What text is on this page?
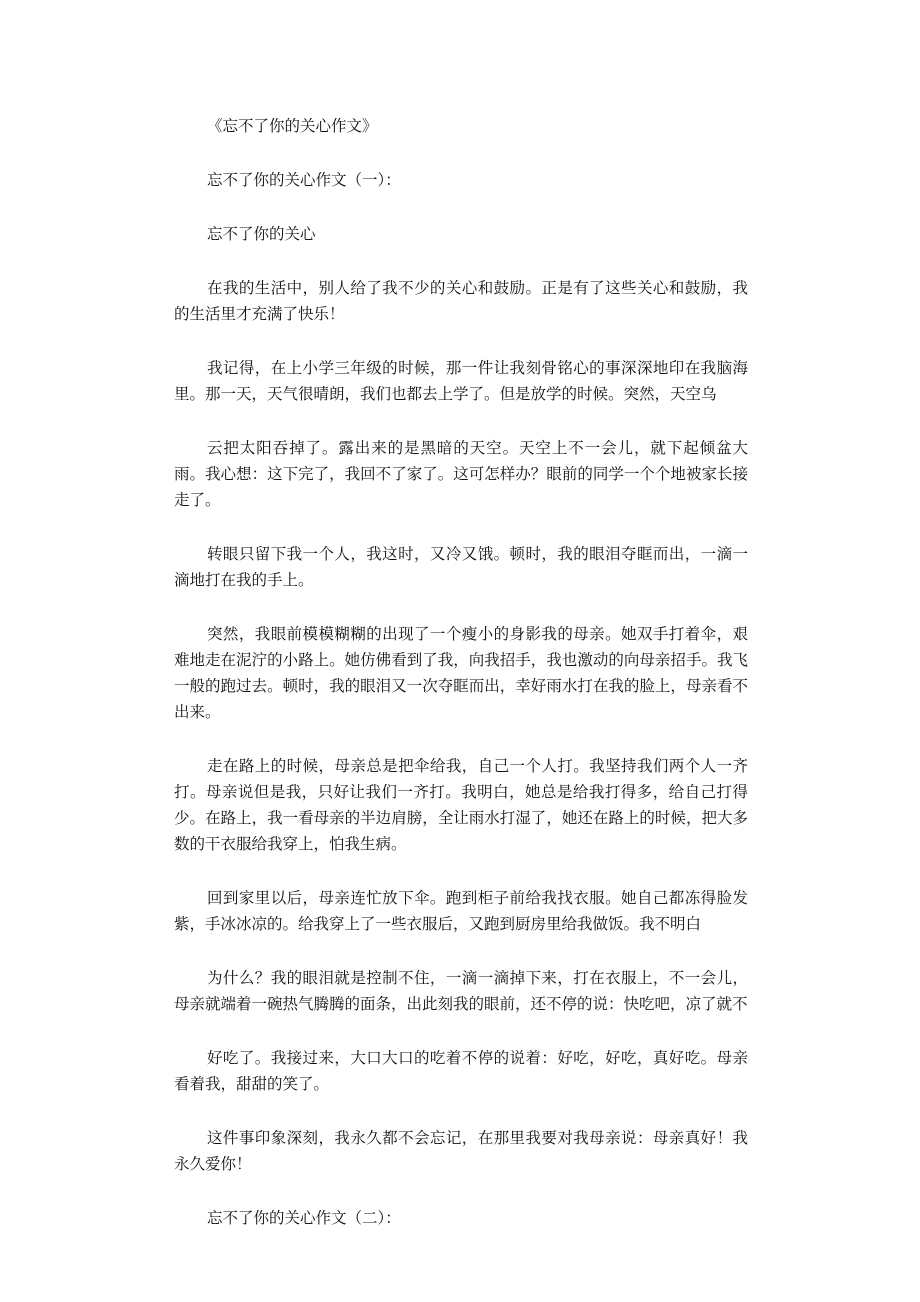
《忘不了你的关心作文》

忘不了你的关心作文（一）：

忘不了你的关心

在我的生活中，别人给了我不少的关心和鼓励。正是有了这些关心和鼓励，我的生活里才充满了快乐！

我记得，在上小学三年级的时候，那一件让我刻骨铭心的事深深地印在我脑海里。那一天，天气很晴朗，我们也都去上学了。但是放学的时候。突然，天空乌

云把太阳吞掉了。露出来的是黑暗的天空。天空上不一会儿，就下起倾盆大雨。我心想：这下完了，我回不了家了。这可怎样办？眼前的同学一个个地被家长接走了。

转眼只留下我一个人，我这时，又冷又饿。顿时，我的眼泪夺眶而出，一滴一滴地打在我的手上。

突然，我眼前模模糊糊的出现了一个瘦小的身影我的母亲。她双手打着伞，艰难地走在泥泞的小路上。她仿佛看到了我，向我招手，我也激动的向母亲招手。我飞一般的跑过去。顿时，我的眼泪又一次夺眶而出，幸好雨水打在我的脸上，母亲看不出来。

走在路上的时候，母亲总是把伞给我，自己一个人打。我坚持我们两个人一齐打。母亲说但是我，只好让我们一齐打。我明白，她总是给我打得多，给自己打得少。在路上，我一看母亲的半边肩膀，全让雨水打湿了，她还在路上的时候，把大多数的干衣服给我穿上，怕我生病。

回到家里以后，母亲连忙放下伞。跑到柜子前给我找衣服。她自己都冻得脸发紫，手冰冰凉的。给我穿上了一些衣服后，又跑到厨房里给我做饭。我不明白

为什么？我的眼泪就是控制不住，一滴一滴掉下来，打在衣服上，不一会儿，母亲就端着一碗热气腾腾的面条，出此刻我的眼前，还不停的说：快吃吧，凉了就不

好吃了。我接过来，大口大口的吃着不停的说着：好吃，好吃，真好吃。母亲看着我，甜甜的笑了。

这件事印象深刻，我永久都不会忘记，在那里我要对我母亲说：母亲真好！我永久爱你！

忘不了你的关心作文（二）：
